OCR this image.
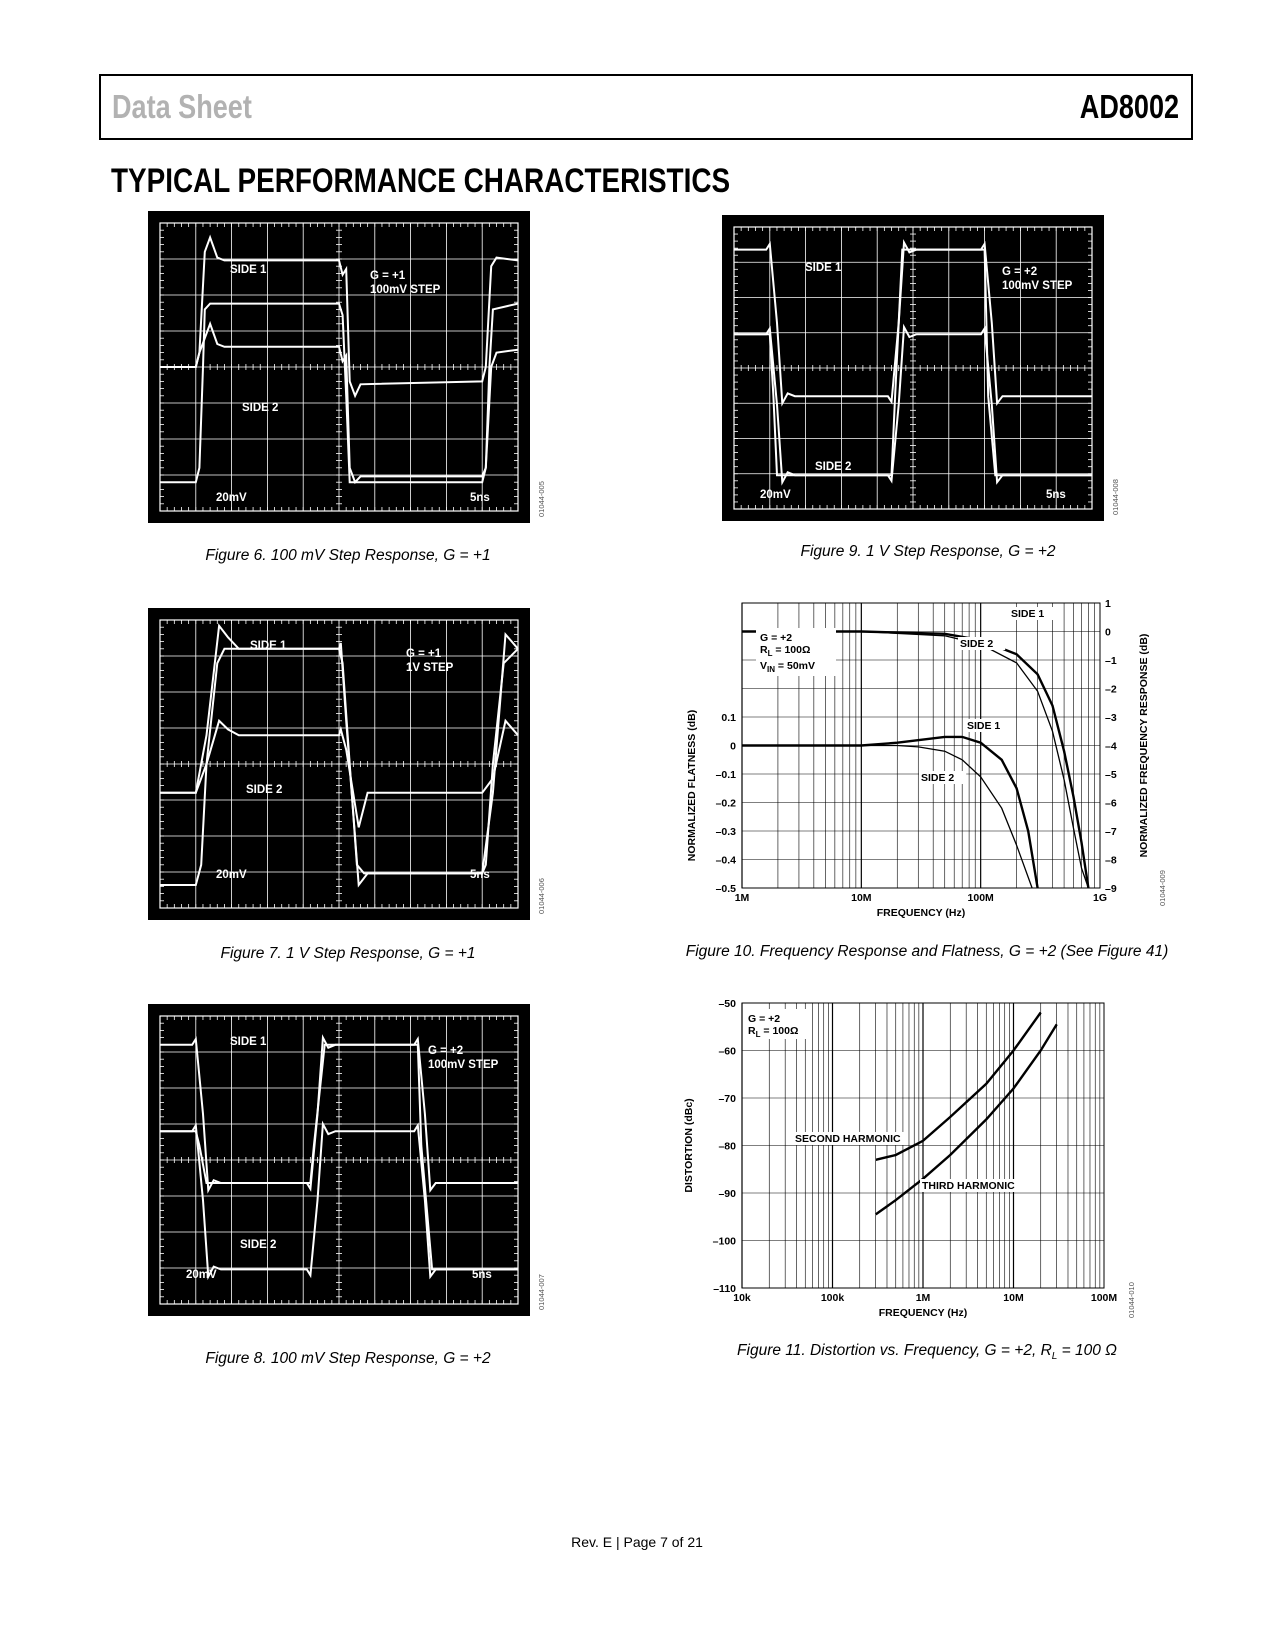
Data Sheet	AD8002
TYPICAL PERFORMANCE CHARACTERISTICS
SIDE 1
SIDE 2
G = +1
100mV STEP
20mV	5ns	01044-005
Figure 6. 100 mV Step Response, G = +1
SIDE 1
SIDE 2
G = +1
1V STEP
20mV	5ns
01044-006
Figure 7. 1 V Step Response, G = +1
SIDE 1
SIDE 2
G = +2
100mV STEP
20mV	5ns	01044-007
Figure 8. 100 mV Step Response, G = +2
SIDE 1
SIDE 2
G = +2
100mV STEP
20mV	5ns	01044-008
Figure 9. 1 V Step Response, G = +2
1
0
–1
–2
–3
–4
–5
–6
–7
–8
–9
0.1
0
–0.1
–0.2
–0.3
–0.4
–0.5
1M	10M	100M	1G
FREQUENCY (Hz)
NORMALIZED FLATNESS (dB)	NORMALIZED FREQUENCY RESPONSE (dB)
SIDE 1
SIDE 2
SIDE 1
SIDE 2
G = +2
$R_L = 100\Omega$
$V_{IN} = 50mV$
01044-009
Figure 10. Frequency Response and Flatness, G = +2 (See Figure 41)
–50
–60
–70
–80
–90
–100
–110
10k	100k	1M	10M	100M
FREQUENCY (Hz)
DISTORTION (dBc)	SECOND HARMONIC
THIRD HARMONIC
G = +2
$R_L = 100\Omega$
01044-010
Figure 11. Distortion vs. Frequency, G = +2, $R_L = 100$ Ω
Rev. E | Page 7 of 21
